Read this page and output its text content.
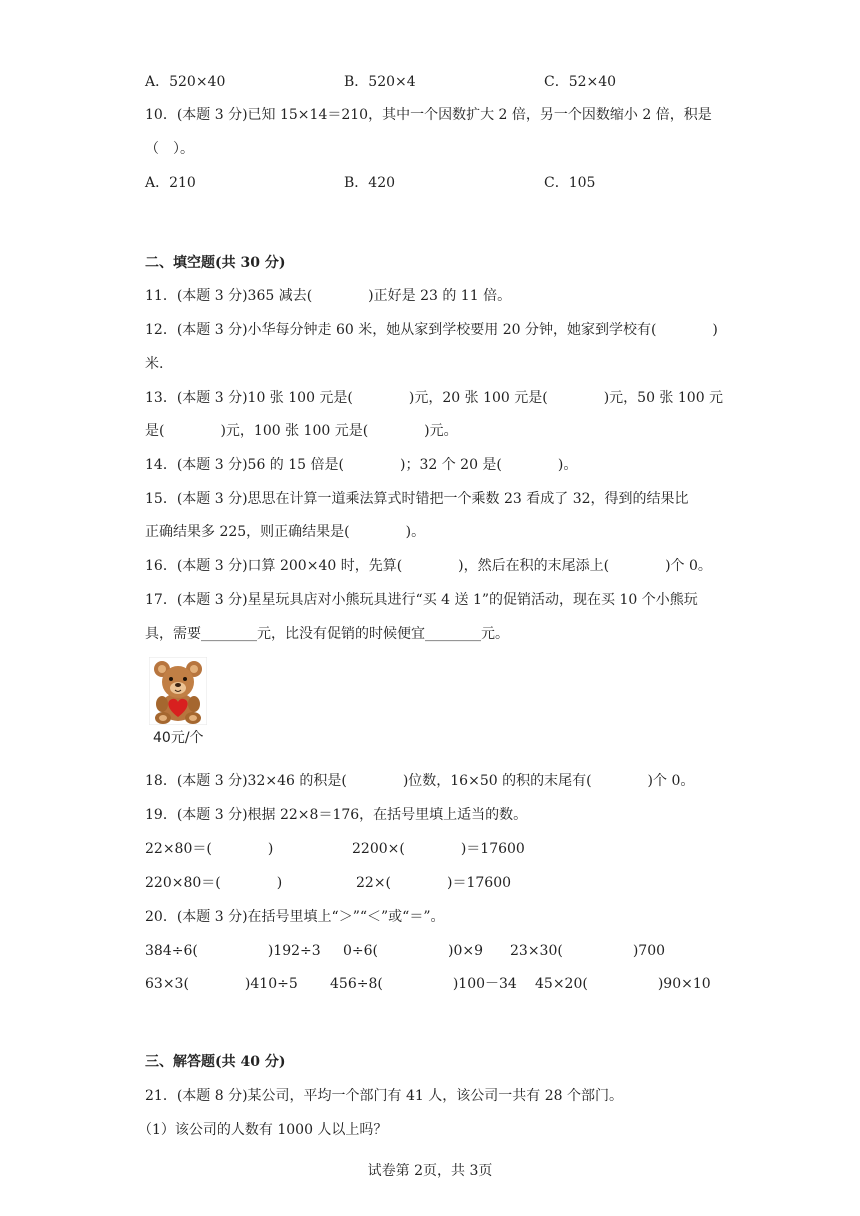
A．520×40	B．520×4	C．52×40
10．(本题 3 分)已知 15×14＝210，其中一个因数扩大 2 倍，另一个因数缩小 2 倍，积是
（　）。
A．210	B．420	C．105
二、填空题(共 30 分)
11．(本题 3 分)365 减去(　　　　)正好是 23 的 11 倍。
12．(本题 3 分)小华每分钟走 60 米，她从家到学校要用 20 分钟，她家到学校有(　　　　)
米.
13．(本题 3 分)10 张 100 元是(　　　　)元，20 张 100 元是(　　　　)元，50 张 100 元
是(　　　　)元，100 张 100 元是(　　　　)元。
14．(本题 3 分)56 的 15 倍是(　　　　)；32 个 20 是(　　　　)。
15．(本题 3 分)思思在计算一道乘法算式时错把一个乘数 23 看成了 32，得到的结果比
正确结果多 225，则正确结果是(　　　　)。
16．(本题 3 分)口算 200×40 时，先算(　　　　)，然后在积的末尾添上(　　　　)个 0。
17．(本题 3 分)星星玩具店对小熊玩具进行“买 4 送 1”的促销活动，现在买 10 个小熊玩
具，需要________元，比没有促销的时候便宜________元。
40元/个
18．(本题 3 分)32×46 的积是(　　　　)位数，16×50 的积的末尾有(　　　　)个 0。
19．(本题 3 分)根据 22×8＝176，在括号里填上适当的数。
22×80＝(　　　　)	2200×(　　　　)＝17600
220×80＝(　　　　)	22×(　　　　)＝17600
20．(本题 3 分)在括号里填上“＞”“＜”或“＝”。
384÷6(　　　　　)192÷3 0÷6(　　　　　)0×9 23×30(　　　　　)700
63×3(　　　　)410÷5 456÷8(　　　　　)100－34 45×20(　　　　　)90×10
三、解答题(共 40 分)
21．(本题 8 分)某公司，平均一个部门有 41 人，该公司一共有 28 个部门。
（1）该公司的人数有 1000 人以上吗？
试卷第 2页，共 3页
